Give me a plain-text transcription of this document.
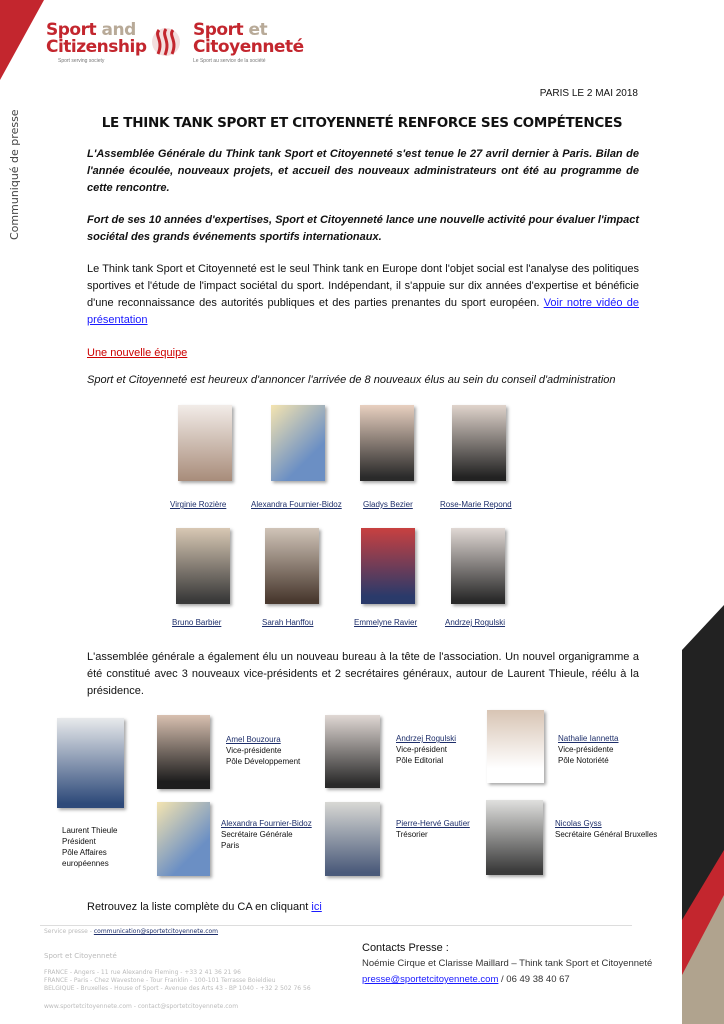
Sport and
Citizenship
Sport serving society
Sport et
Citoyenneté
Le Sport au service de la société
Communiqué de presse
PARIS LE 2 MAI 2018
LE THINK TANK SPORT ET CITOYENNETÉ RENFORCE SES COMPÉTENCES
L'Assemblée Générale du Think tank Sport et Citoyenneté s'est tenue le 27 avril dernier à Paris. Bilan de l'année écoulée, nouveaux projets, et accueil des nouveaux administrateurs ont été au programme de cette rencontre.
Fort de ses 10 années d'expertises, Sport et Citoyenneté lance une nouvelle activité pour évaluer l'impact sociétal des grands événements sportifs internationaux.
Le Think tank Sport et Citoyenneté est le seul Think tank en Europe dont l'objet social est l'analyse des politiques sportives et l'étude de l'impact sociétal du sport. Indépendant, il s'appuie sur dix années d'expertise et bénéficie d'une reconnaissance des autorités publiques et des parties prenantes du sport européen. Voir notre vidéo de présentation
Une nouvelle équipe
Sport et Citoyenneté est heureux d'annoncer l'arrivée de 8 nouveaux élus au sein du conseil d'administration
Virginie Rozière	Alexandra Fournier-Bidoz	Gladys Bezier	Rose-Marie Repond
Bruno Barbier	Sarah Hanffou	Emmelyne Ravier	Andrzej Rogulski
L'assemblée générale a également élu un nouveau bureau à la tête de l'association. Un nouvel organigramme a été constitué avec 3 nouveaux vice-présidents et 2 secrétaires généraux, autour de Laurent Thieule, réélu à la présidence.
Laurent Thieule
Président
Pôle Affaires européennes
Amel Bouzoura
Vice-présidente
Pôle Développement
Andrzej Rogulski
Vice-président
Pôle Editorial
Nathalie Iannetta
Vice-présidente
Pôle Notoriété
Alexandra Fournier-Bidoz
Secrétaire Générale
Paris
Pierre-Hervé Gautier
Trésorier
Nicolas Gyss
Secrétaire Général Bruxelles
Retrouvez la liste complète du CA en cliquant ici
Service presse - communication@sportetcitoyennete.com
Sport et Citoyenneté
FRANCE - Angers - 11 rue Alexandre Fleming - +33 2 41 36 21 96
FRANCE - Paris - Chez Wavestone - Tour Franklin - 100-101 Terrasse Boieldieu
BELGIQUE - Bruxelles - House of Sport - Avenue des Arts 43 - BP 1040 - +32 2 502 76 56
www.sportetcitoyennete.com - contact@sportetcitoyennete.com
Contacts Presse :
Noémie Cirque et Clarisse Maillard – Think tank Sport et Citoyenneté
presse@sportetcitoyennete.com / 06 49 38 40 67
